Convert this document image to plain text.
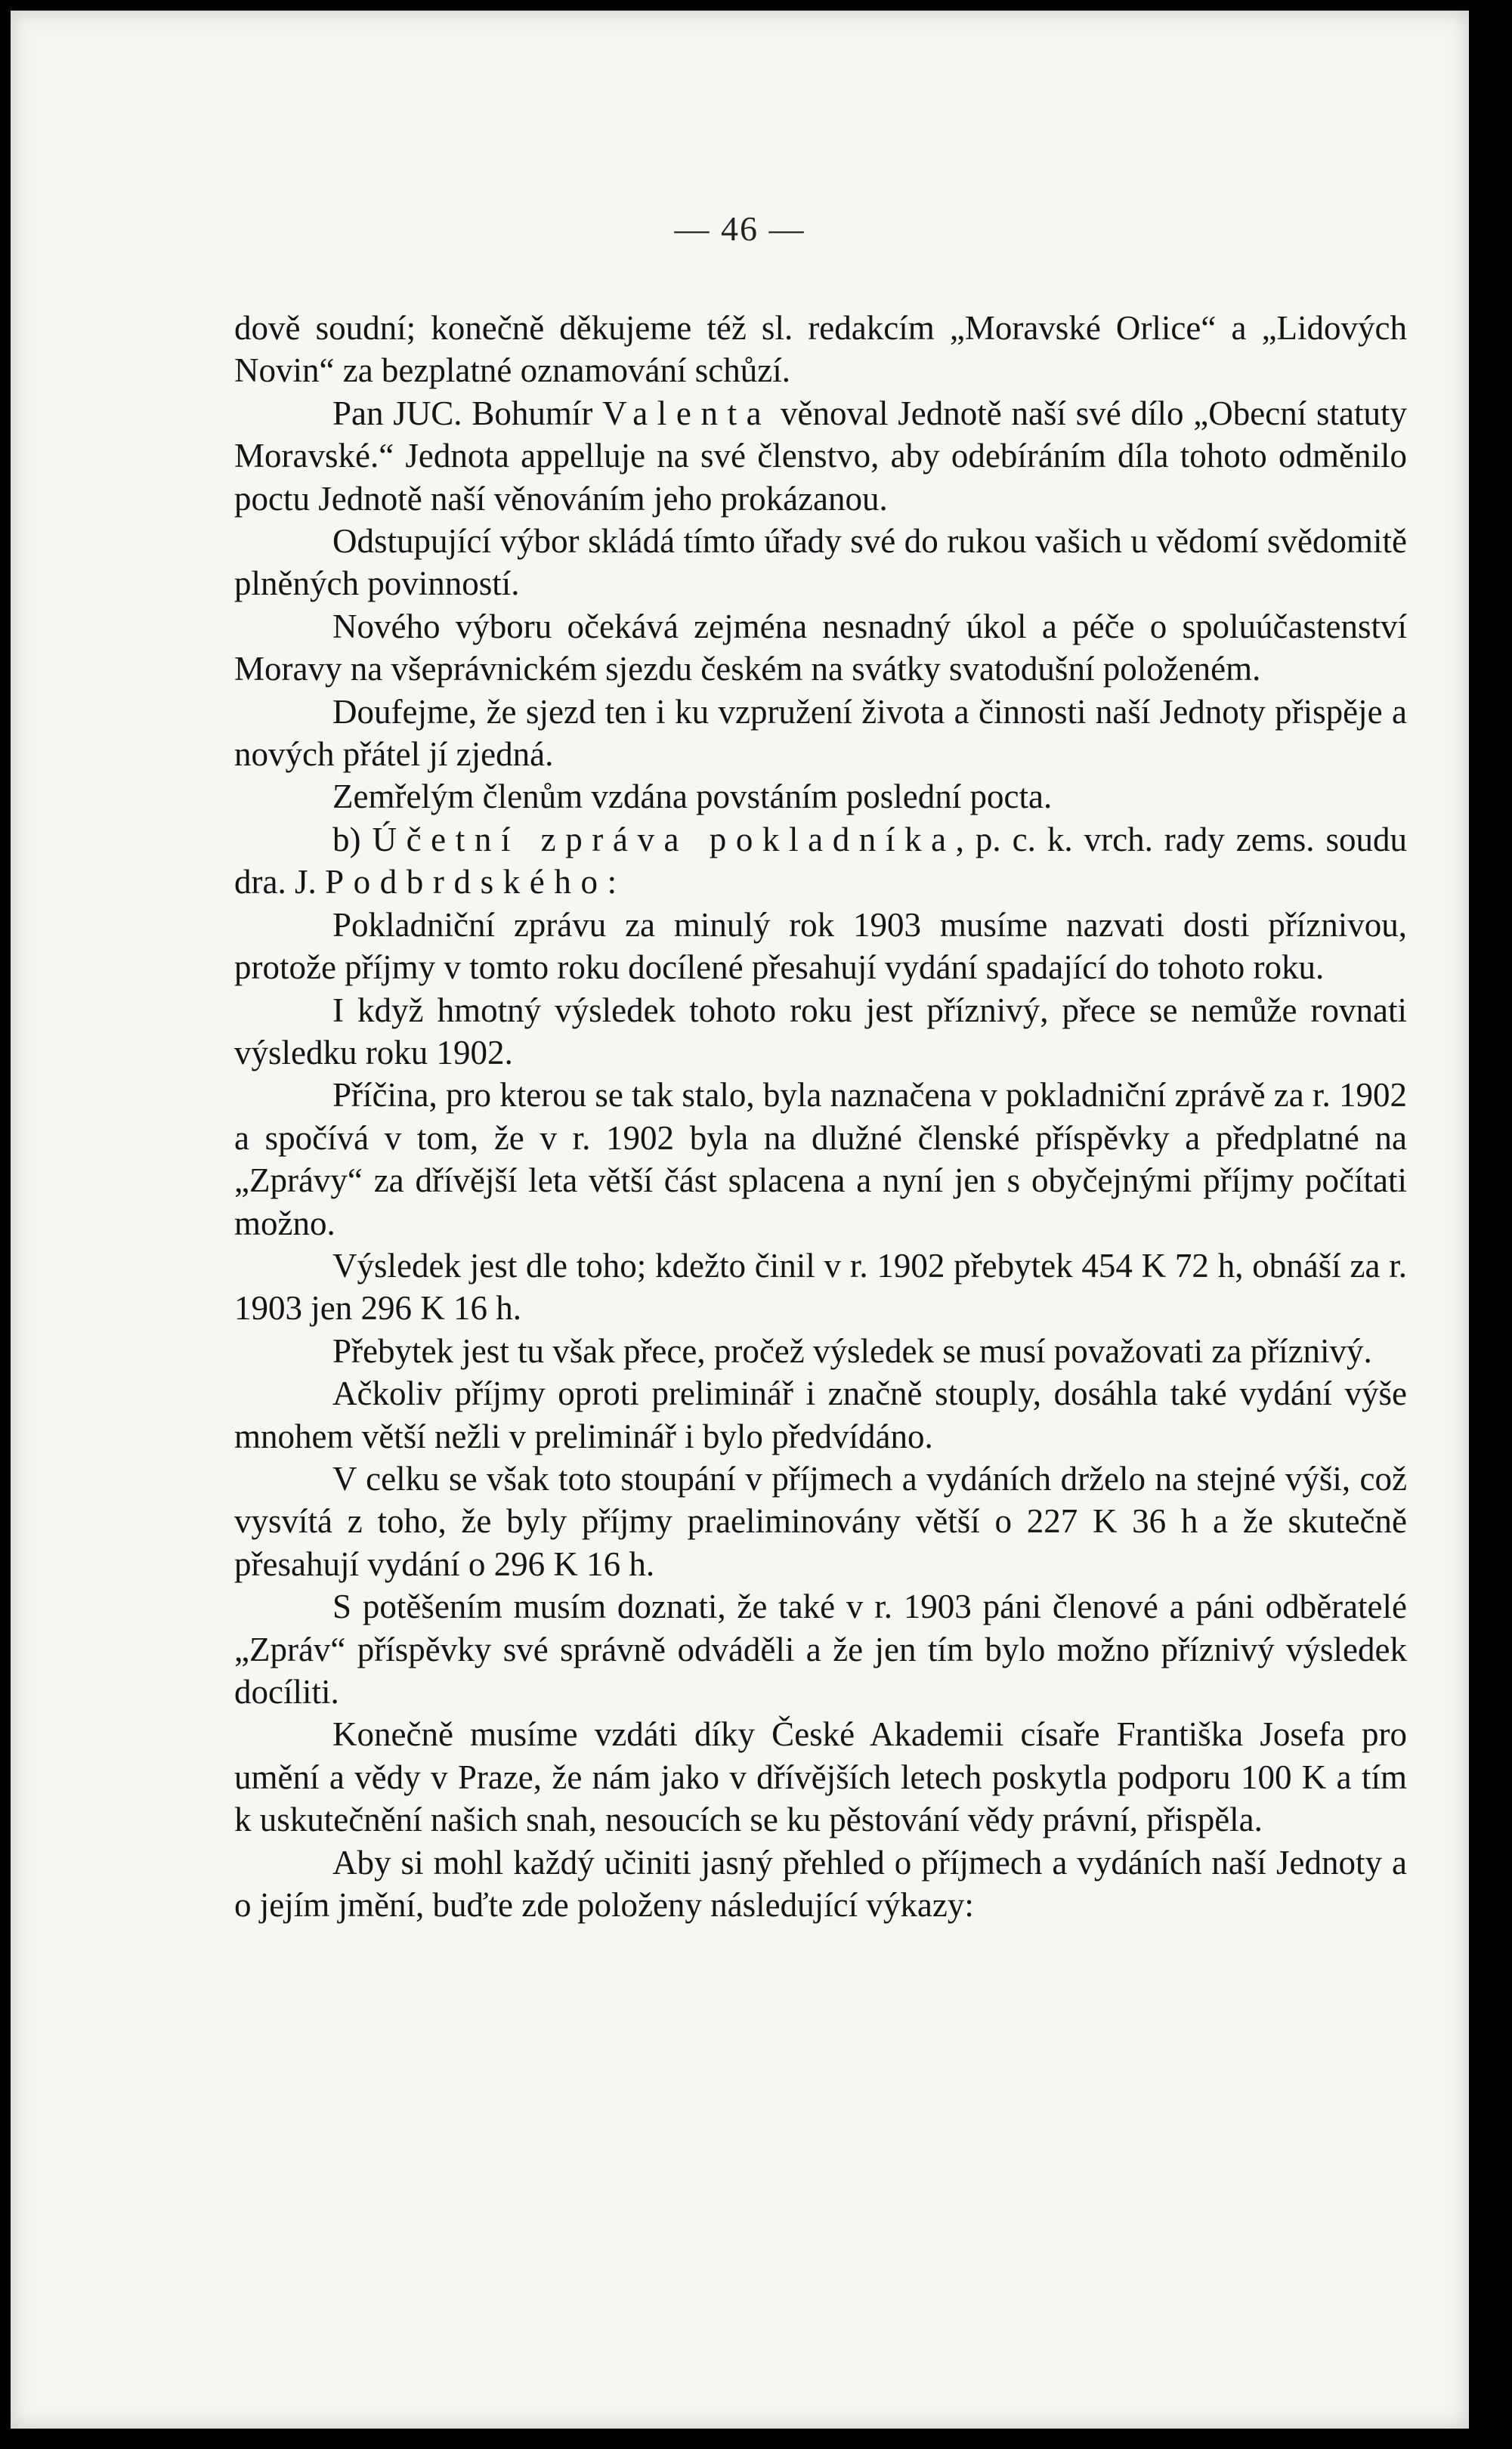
— 46 —

dově soudní; konečně děkujeme též sl. redakcím „Moravské Orlice“ a „Lidových Novin“ za bezplatné oznamování schůzí.

Pan JUC. Bohumír Valenta věnoval Jednotě naší své dílo „Obecní statuty Moravské.“ Jednota appelluje na své členstvo, aby odebíráním díla tohoto odměnilo poctu Jednotě naší věnováním jeho prokázanou.

Odstupující výbor skládá tímto úřady své do rukou vašich u vědomí svědomitě plněných povinností.

Nového výboru očekává zejména nesnadný úkol a péče o spoluúčastenství Moravy na všeprávnickém sjezdu českém na svátky svatodušní položeném.

Doufejme, že sjezd ten i ku vzpružení života a činnosti naší Jednoty přispěje a nových přátel jí zjedná.

Zemřelým členům vzdána povstáním poslední pocta.

b) Účetní zpráva pokladníka, p. c. k. vrch. rady zems. soudu dra. J. Podbrdského:

Pokladniční zprávu za minulý rok 1903 musíme nazvati dosti příznivou, protože příjmy v tomto roku docílené přesahují vydání spadající do tohoto roku.

I když hmotný výsledek tohoto roku jest příznivý, přece se nemůže rovnati výsledku roku 1902.

Příčina, pro kterou se tak stalo, byla naznačena v pokladniční zprávě za r. 1902 a spočívá v tom, že v r. 1902 byla na dlužné členské příspěvky a předplatné na „Zprávy“ za dřívější leta větší část splacena a nyní jen s obyčejnými příjmy počítati možno.

Výsledek jest dle toho; kdežto činil v r. 1902 přebytek 454 K 72 h, obnáší za r. 1903 jen 296 K 16 h.

Přebytek jest tu však přece, pročež výsledek se musí považovati za příznivý.

Ačkoliv příjmy oproti preliminář i značně stouply, dosáhla také vydání výše mnohem větší nežli v preliminář i bylo předvídáno.

V celku se však toto stoupání v příjmech a vydáních drželo na stejné výši, což vysvítá z toho, že byly příjmy praeliminovány větší o 227 K 36 h a že skutečně přesahují vydání o 296 K 16 h.

S potěšením musím doznati, že také v r. 1903 páni členové a páni odběratelé „Zpráv“ příspěvky své správně odváděli a že jen tím bylo možno příznivý výsledek docíliti.

Konečně musíme vzdáti díky České Akademii císaře Františka Josefa pro umění a vědy v Praze, že nám jako v dřívějších letech poskytla podporu 100 K a tím k uskutečnění našich snah, nesoucích se ku pěstování vědy právní, přispěla.

Aby si mohl každý učiniti jasný přehled o příjmech a vydáních naší Jednoty a o jejím jmění, buďte zde položeny následující výkazy:
